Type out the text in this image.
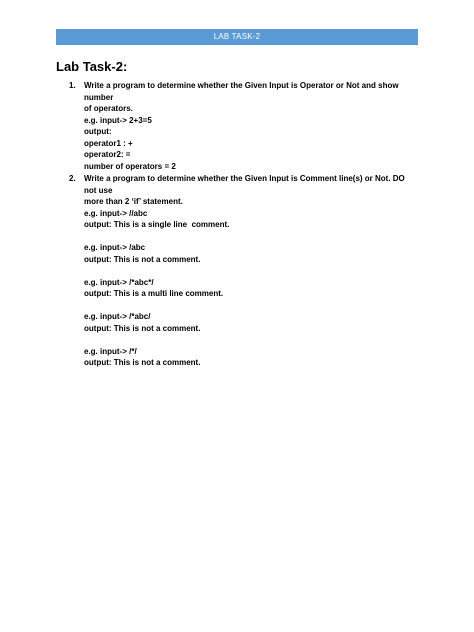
LAB TASK-2
Lab Task-2:
1. Write a program to determine whether the Given Input is Operator or Not and show number
of operators.
e.g. input-> 2+3=5
output:
operator1 : +
operator2: =
number of operators = 2
2. Write a program to determine whether the Given Input is Comment line(s) or Not. DO not use
more than 2 ‘if’ statement.
e.g. input-> //abc
output: This is a single line  comment.
e.g. input-> /abc
output: This is not a comment.
e.g. input-> /*abc*/
output: This is a multi line comment.
e.g. input-> /*abc/
output: This is not a comment.
e.g. input-> /*/
output: This is not a comment.
